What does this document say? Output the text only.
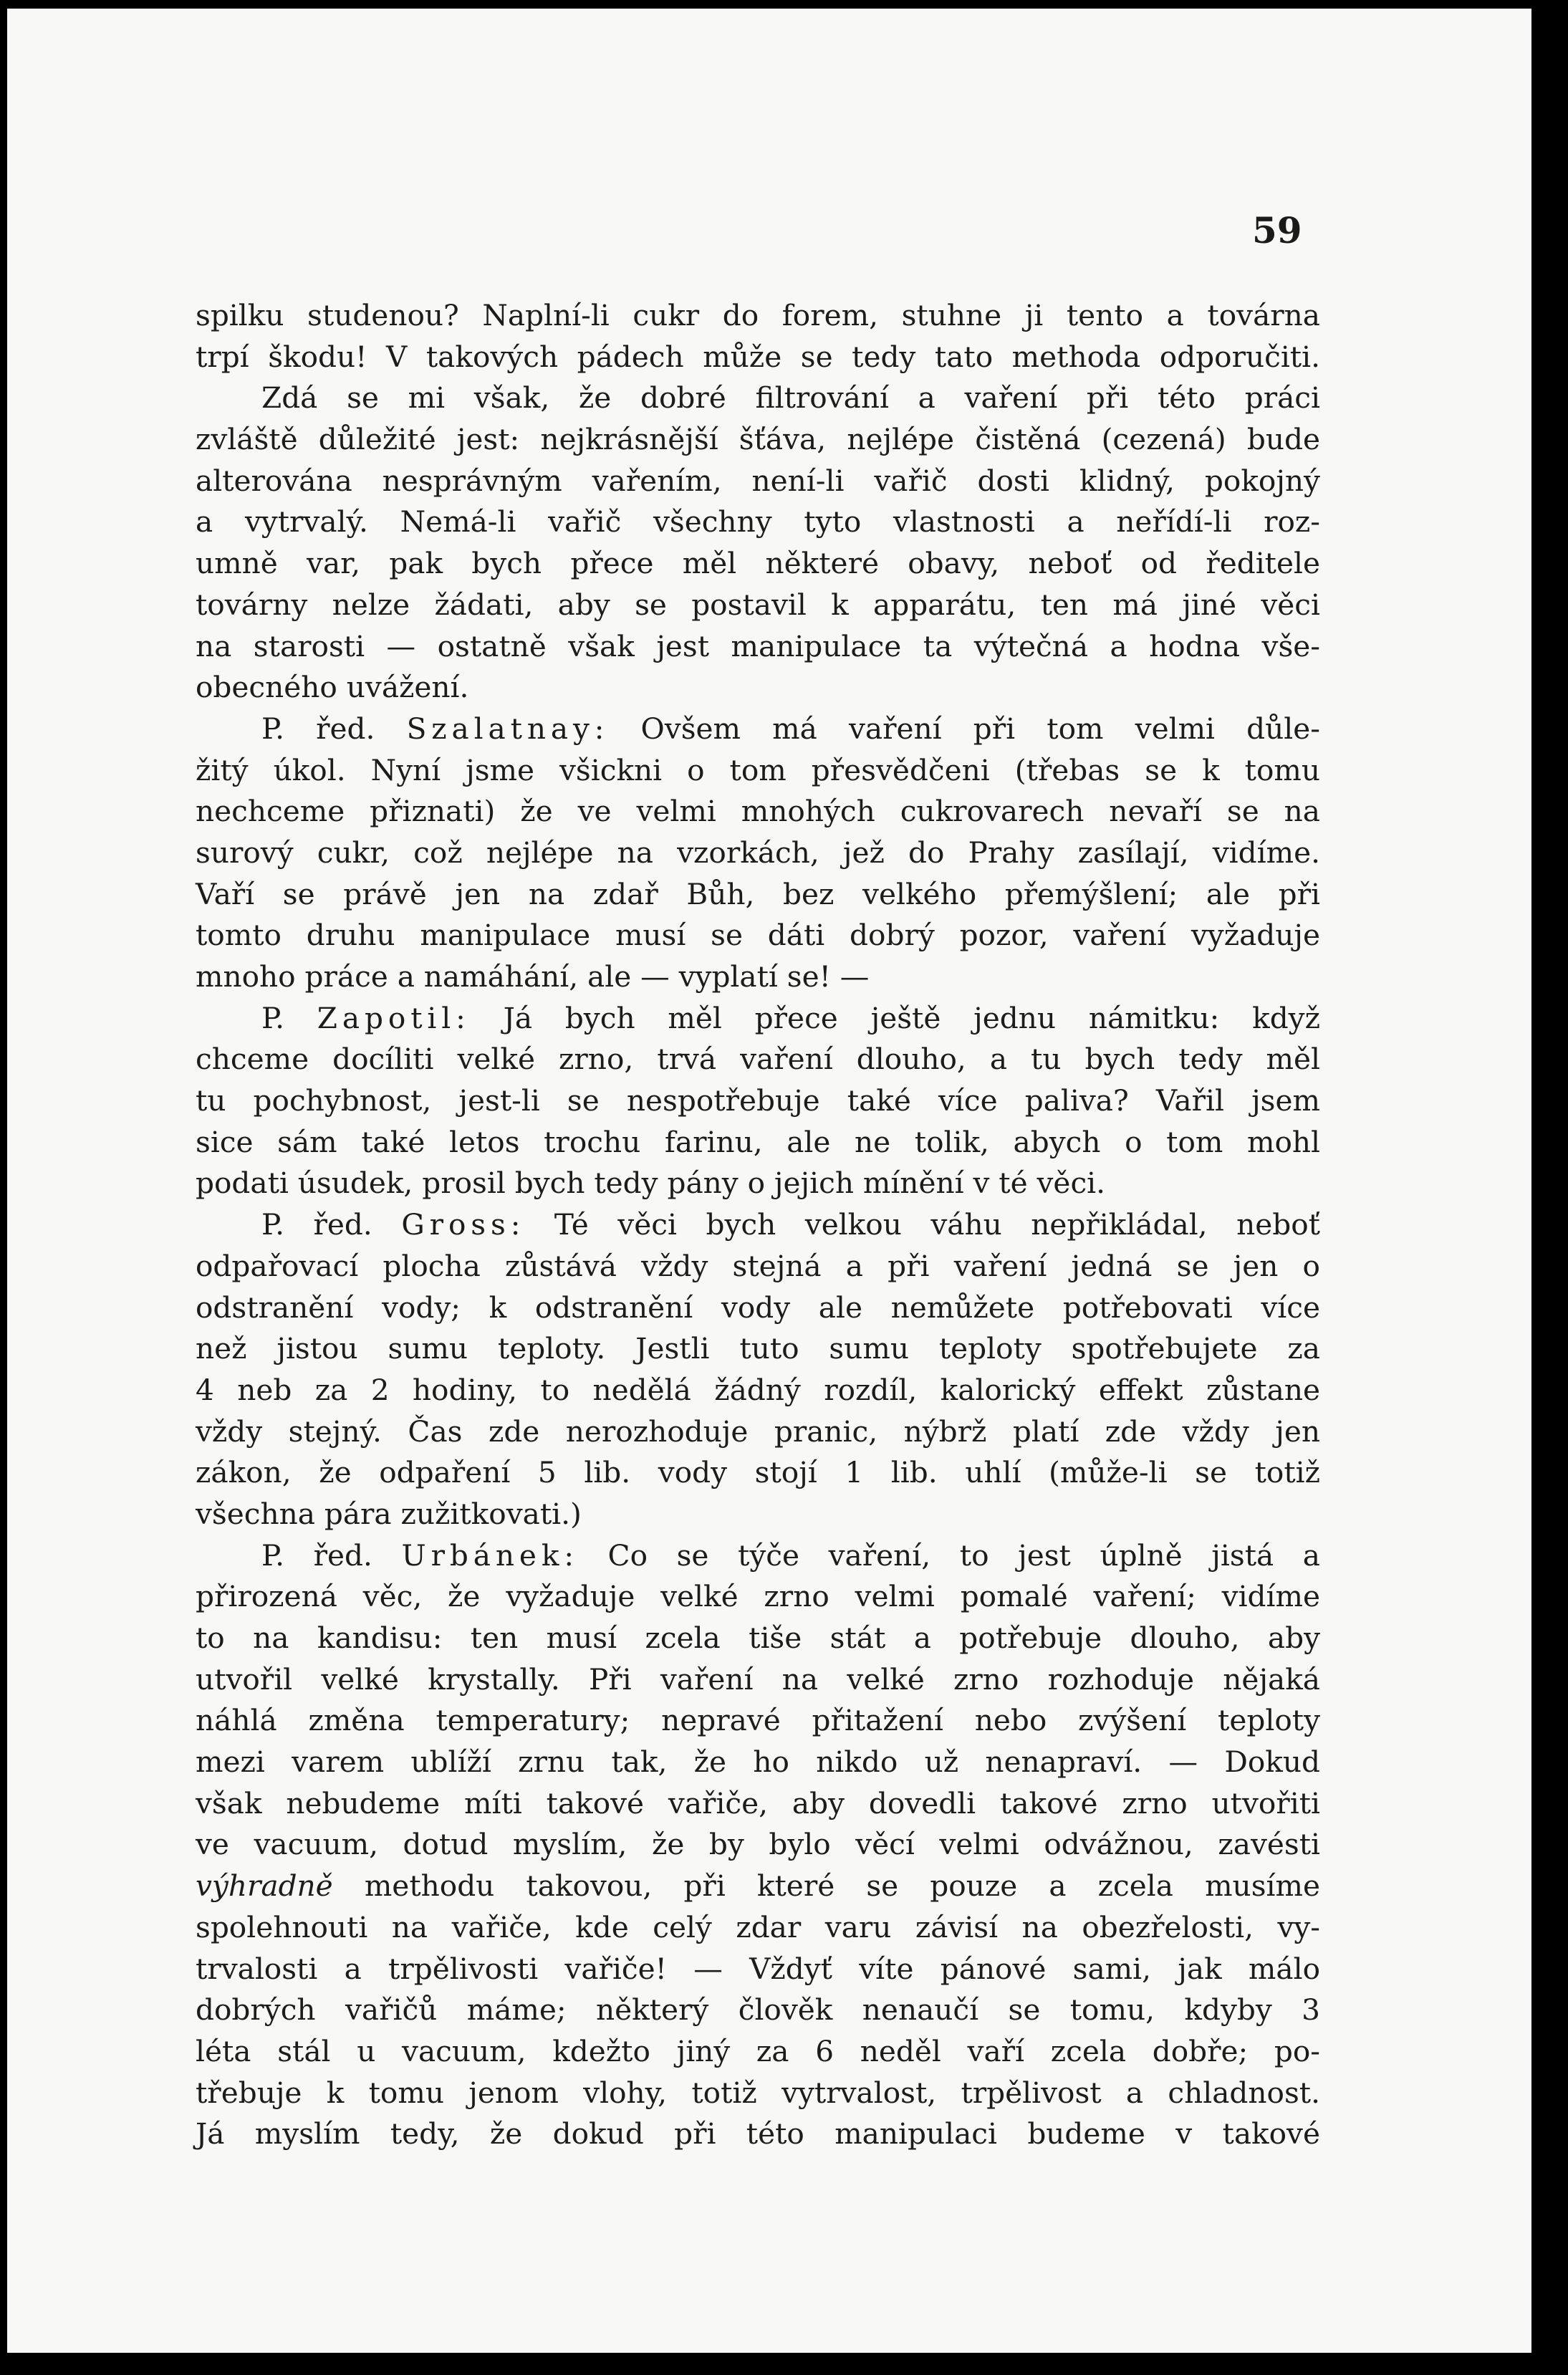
59
spilku studenou? Naplní-li cukr do forem, stuhne ji tento a továrna
trpí škodu! V takových pádech může se tedy tato methoda odporučiti.
Zdá se mi však, že dobré filtrování a vaření při této práci
zvláště důležité jest: nejkrásnější šťáva, nejlépe čistěná (cezená) bude
alterována nesprávným vařením, není-li vařič dosti klidný, pokojný
a vytrvalý. Nemá-li vařič všechny tyto vlastnosti a neřídí-li roz-
umně var, pak bych přece měl některé obavy, neboť od ředitele
továrny nelze žádati, aby se postavil k apparátu, ten má jiné věci
na starosti — ostatně však jest manipulace ta výtečná a hodna vše-
obecného uvážení.
P. řed. Szalatnay: Ovšem má vaření při tom velmi důle-
žitý úkol. Nyní jsme všickni o tom přesvědčeni (třebas se k tomu
nechceme přiznati) že ve velmi mnohých cukrovarech nevaří se na
surový cukr, což nejlépe na vzorkách, jež do Prahy zasílají, vidíme.
Vaří se právě jen na zdař Bůh, bez velkého přemýšlení; ale při
tomto druhu manipulace musí se dáti dobrý pozor, vaření vyžaduje
mnoho práce a namáhání, ale — vyplatí se! —
P. Zapotil: Já bych měl přece ještě jednu námitku: když
chceme docíliti velké zrno, trvá vaření dlouho, a tu bych tedy měl
tu pochybnost, jest-li se nespotřebuje také více paliva? Vařil jsem
sice sám také letos trochu farinu, ale ne tolik, abych o tom mohl
podati úsudek, prosil bych tedy pány o jejich mínění v té věci.
P. řed. Gross: Té věci bych velkou váhu nepřikládal, neboť
odpařovací plocha zůstává vždy stejná a při vaření jedná se jen o
odstranění vody; k odstranění vody ale nemůžete potřebovati více
než jistou sumu teploty. Jestli tuto sumu teploty spotřebujete za
4 neb za 2 hodiny, to nedělá žádný rozdíl, kalorický effekt zůstane
vždy stejný. Čas zde nerozhoduje pranic, nýbrž platí zde vždy jen
zákon, že odpaření 5 lib. vody stojí 1 lib. uhlí (může-li se totiž
všechna pára zužitkovati.)
P. řed. Urbánek: Co se týče vaření, to jest úplně jistá a
přirozená věc, že vyžaduje velké zrno velmi pomalé vaření; vidíme
to na kandisu: ten musí zcela tiše stát a potřebuje dlouho, aby
utvořil velké krystally. Při vaření na velké zrno rozhoduje nějaká
náhlá změna temperatury; nepravé přitažení nebo zvýšení teploty
mezi varem ublíží zrnu tak, že ho nikdo už nenapraví. — Dokud
však nebudeme míti takové vařiče, aby dovedli takové zrno utvořiti
ve vacuum, dotud myslím, že by bylo věcí velmi odvážnou, zavésti
výhradně methodu takovou, při které se pouze a zcela musíme
spolehnouti na vařiče, kde celý zdar varu závisí na obezřelosti, vy-
trvalosti a trpělivosti vařiče! — Vždyť víte pánové sami, jak málo
dobrých vařičů máme; některý člověk nenaučí se tomu, kdyby 3
léta stál u vacuum, kdežto jiný za 6 neděl vaří zcela dobře; po-
třebuje k tomu jenom vlohy, totiž vytrvalost, trpělivost a chladnost.
Já myslím tedy, že dokud při této manipulaci budeme v takové
